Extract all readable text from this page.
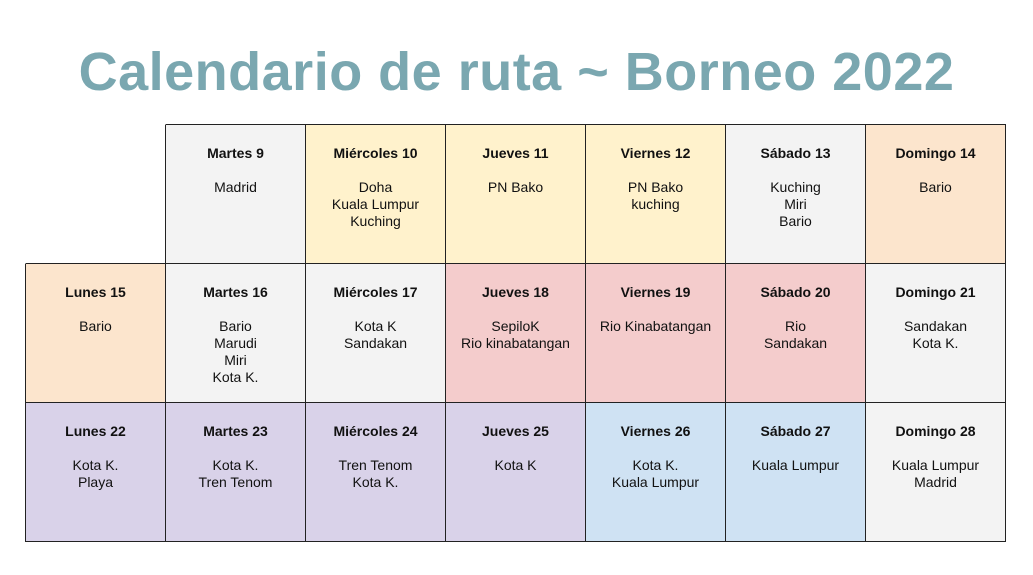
Calendario de ruta ~ Borneo 2022
Martes 9
Madrid
Miércoles 10
Doha
Kuala Lumpur
Kuching
Jueves 11
PN Bako
Viernes 12
PN Bako
kuching
Sábado 13
Kuching
Miri
Bario
Domingo 14
Bario
Lunes 15
Bario
Martes 16
Bario
Marudi
Miri
Kota K.
Miércoles 17
Kota K
Sandakan
Jueves 18
SepiloK
Rio kinabatangan
Viernes 19
Rio Kinabatangan
Sábado 20
Rio
Sandakan
Domingo 21
Sandakan
Kota K.
Lunes 22
Kota K.
Playa
Martes 23
Kota K.
Tren Tenom
Miércoles 24
Tren Tenom
Kota K.
Jueves 25
Kota K
Viernes 26
Kota K.
Kuala Lumpur
Sábado 27
Kuala Lumpur
Domingo 28
Kuala Lumpur
Madrid
